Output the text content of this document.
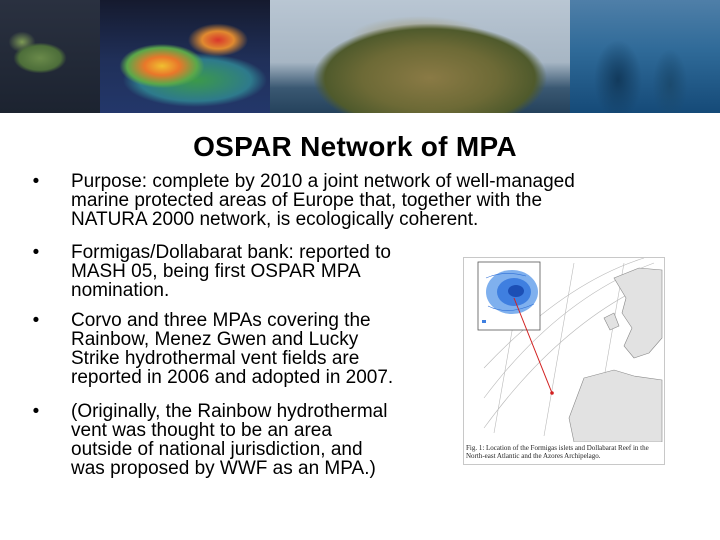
OSPAR Network of MPA
• Purpose: complete by 2010 a joint network of well-managed
marine protected areas of Europe that, together with the
NATURA 2000 network, is ecologically coherent.
• Formigas/Dollabarat bank: reported to
MASH 05, being first OSPAR MPA
nomination.
• Corvo and three MPAs covering the
Rainbow, Menez Gwen and Lucky
Strike hydrothermal vent fields are
reported in 2006 and adopted in 2007.
• (Originally, the Rainbow hydrothermal
vent was thought to be an area
outside of national jurisdiction, and
was proposed by WWF as an MPA.)
Fig. 1: Location of the Formigas islets and Dollabarat Reef in the North-east Atlantic and the Azores Archipelago.
